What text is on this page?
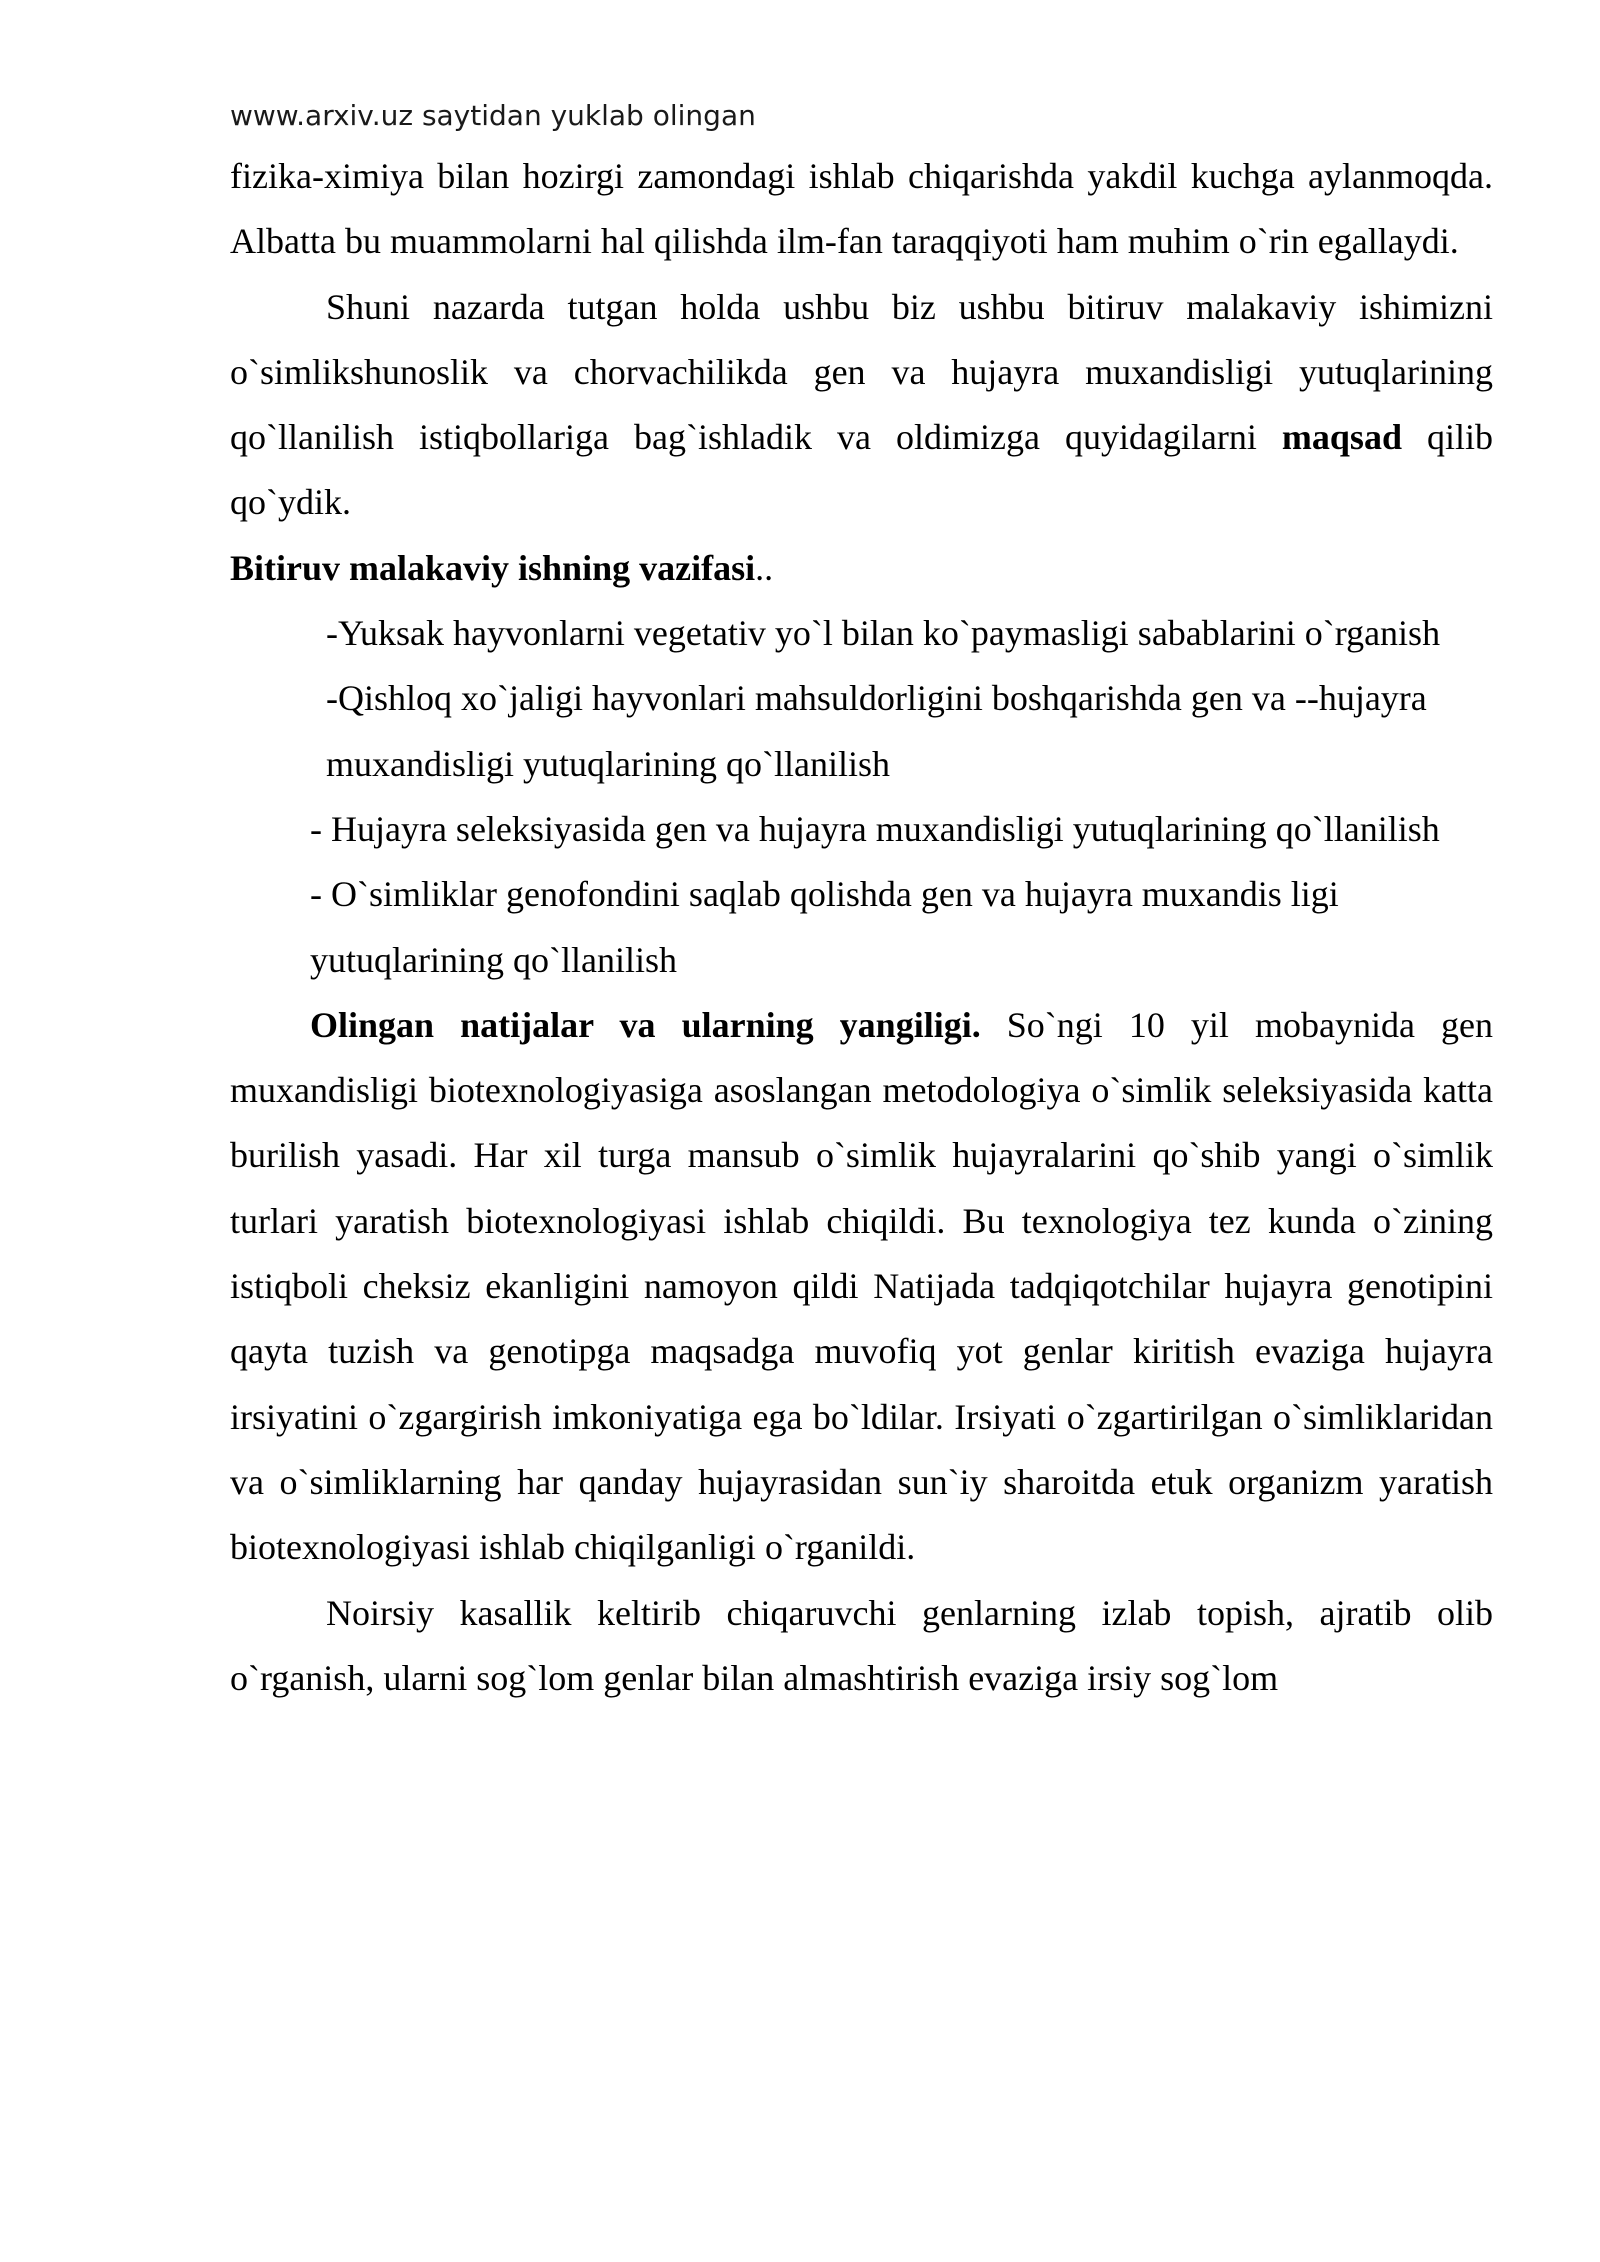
www.arxiv.uz saytidan yuklab olingan

fizika-ximiya bilan hozirgi zamondagi ishlab chiqarishda yakdil kuchga aylanmoqda. Albatta bu muammolarni hal qilishda ilm-fan taraqqiyoti ham muhim o`rin egallaydi.

Shuni nazarda tutgan holda ushbu biz ushbu bitiruv malakaviy ishimizni o`simlikshunoslik va chorvachilikda gen va hujayra muxandisligi yutuqlarining qo`llanilish istiqbollariga bag`ishladik va oldimizga quyidagilarni maqsad qilib qo`ydik.

Bitiruv malakaviy ishning vazifasi..

-Yuksak hayvonlarni vegetativ yo`l bilan ko`paymasligi sabablarini o`rganish

-Qishloq xo`jaligi hayvonlari mahsuldorligini boshqarishda gen va --hujayra muxandisligi yutuqlarining qo`llanilish

- Hujayra seleksiyasida gen va hujayra muxandisligi yutuqlarining qo`llanilish

- O`simliklar genofondini saqlab qolishda gen va hujayra muxandis ligi yutuqlarining qo`llanilish

Olingan natijalar va ularning yangiligi. So`ngi 10 yil mobaynida gen muxandisligi biotexnologiyasiga asoslangan metodologiya o`simlik seleksiyasida katta burilish yasadi. Har xil turga mansub o`simlik hujayralarini qo`shib yangi o`simlik turlari yaratish biotexnologiyasi ishlab chiqildi. Bu texnologiya tez kunda o`zining istiqboli cheksiz ekanligini namoyon qildi Natijada tadqiqotchilar hujayra genotipini qayta tuzish va genotipga maqsadga muvofiq yot genlar kiritish evaziga hujayra irsiyatini o`zgargirish imkoniyatiga ega bo`ldilar. Irsiyati o`zgartirilgan o`simliklaridan va o`simliklarning har qanday hujayrasidan sun`iy sharoitda etuk organizm yaratish biotexnologiyasi ishlab chiqilganligi o`rganildi.

Noirsiy kasallik keltirib chiqaruvchi genlarning izlab topish, ajratib olib o`rganish, ularni sog`lom genlar bilan almashtirish evaziga irsiy sog`lom
